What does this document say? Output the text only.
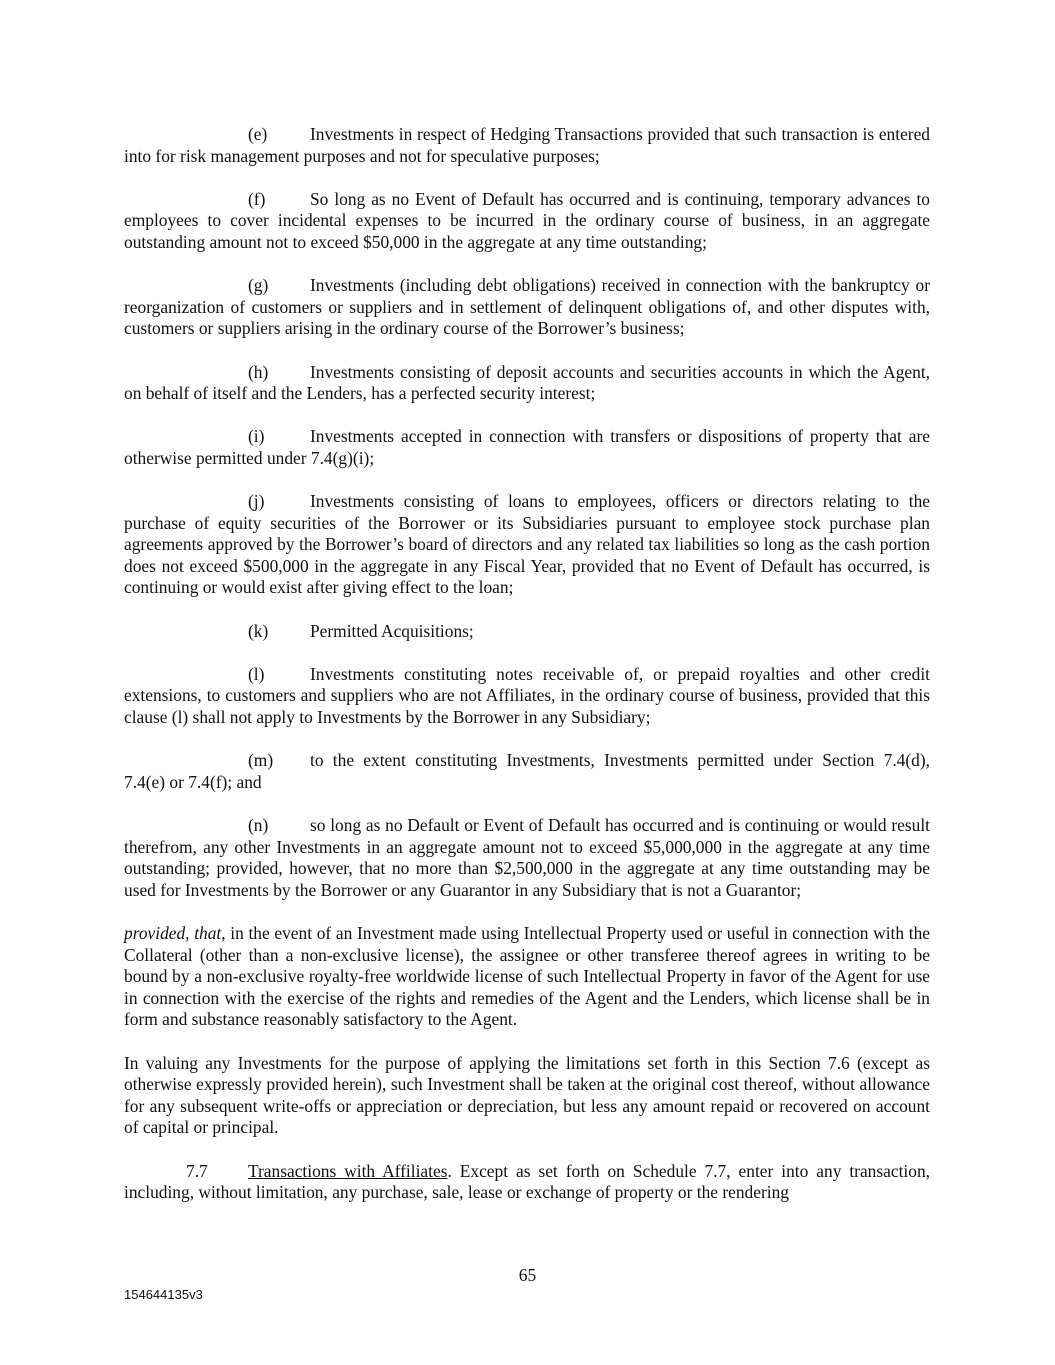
(e) Investments in respect of Hedging Transactions provided that such transaction is entered into for risk management purposes and not for speculative purposes;

(f)	So long as no Event of Default has occurred and is continuing, temporary advances to employees to cover incidental expenses to be incurred in the ordinary course of business, in an aggregate outstanding amount not to exceed $50,000 in the aggregate at any time outstanding;

(g) Investments (including debt obligations) received in connection with the bankruptcy or reorganization of customers or suppliers and in settlement of delinquent obligations of, and other disputes with, customers or suppliers arising in the ordinary course of the Borrower’s business;

(h) Investments consisting of deposit accounts and securities accounts in which the Agent, on behalf of itself and the Lenders, has a perfected security interest;

(i)	Investments accepted in connection with transfers or dispositions of property that are otherwise permitted under 7.4(g)(i);

(j)	Investments consisting of loans to employees, officers or directors relating to the purchase of equity securities of the Borrower or its Subsidiaries pursuant to employee stock purchase plan agreements approved by the Borrower’s board of directors and any related tax liabilities so long as the cash portion does not exceed $500,000 in the aggregate in any Fiscal Year, provided that no Event of Default has occurred, is continuing or would exist after giving effect to the loan;

(k) Permitted Acquisitions;

(l)	Investments constituting notes receivable of, or prepaid royalties and other credit extensions, to customers and suppliers who are not Affiliates, in the ordinary course of business, provided that this clause (l) shall not apply to Investments by the Borrower in any Subsidiary;

(m) to the extent constituting Investments, Investments permitted under Section 7.4(d), 7.4(e) or 7.4(f); and

(n) so long as no Default or Event of Default has occurred and is continuing or would result therefrom, any other Investments in an aggregate amount not to exceed $5,000,000 in the aggregate at any time outstanding; provided, however, that no more than $2,500,000 in the aggregate at any time outstanding may be used for Investments by the Borrower or any Guarantor in any Subsidiary that is not a Guarantor;

provided, that, in the event of an Investment made using Intellectual Property used or useful in connection with the Collateral (other than a non-exclusive license), the assignee or other transferee thereof agrees in writing to be bound by a non-exclusive royalty-free worldwide license of such Intellectual Property in favor of the Agent for use in connection with the exercise of the rights and remedies of the Agent and the Lenders, which license shall be in form and substance reasonably satisfactory to the Agent.

In valuing any Investments for the purpose of applying the limitations set forth in this Section 7.6 (except as otherwise expressly provided herein), such Investment shall be taken at the original cost thereof, without allowance for any subsequent write-offs or appreciation or depreciation, but less any amount repaid or recovered on account of capital or principal.

7.7 Transactions with Affiliates. Except as set forth on Schedule 7.7, enter into any transaction, including, without limitation, any purchase, sale, lease or exchange of property or the rendering

65
154644135v3
